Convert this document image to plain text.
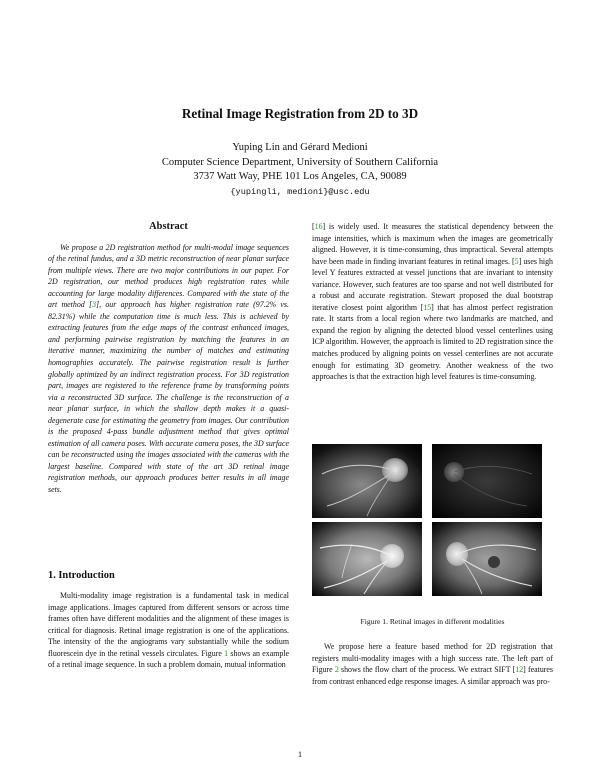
Retinal Image Registration from 2D to 3D
Yuping Lin and Gérard Medioni
Computer Science Department, University of Southern California
3737 Watt Way, PHE 101 Los Angeles, CA, 90089
{yupingli, medioni}@usc.edu
Abstract

We propose a 2D registration method for multi-modal image sequences of the retinal fundus, and a 3D metric reconstruction of near planar surface from multiple views. There are two major contributions in our paper. For 2D registration, our method produces high registration rates while accounting for large modality differences. Compared with the state of the art method [3], our approach has higher registration rate (97.2% vs. 82.31%) while the computation time is much less. This is achieved by extracting features from the edge maps of the contrast enhanced images, and performing pairwise registration by matching the features in an iterative manner, maximizing the number of matches and estimating homographies accurately. The pairwise registration result is further globally optimized by an indirect registration process. For 3D registration part, images are registered to the reference frame by transforming points via a reconstructed 3D surface. The challenge is the reconstruction of a near planar surface, in which the shallow depth makes it a quasi-degenerate case for estimating the geometry from images. Our contribution is the proposed 4-pass bundle adjustment method that gives optimal estimation of all camera poses. With accurate camera poses, the 3D surface can be reconstructed using the images associated with the cameras with the largest baseline. Compared with state of the art 3D retinal image registration methods, our approach produces better results in all image sets.

1. Introduction

Multi-modality image registration is a fundamental task in medical image applications. Images captured from different sensors or across time frames often have different modalities and the alignment of these images is critical for diagnosis. Retinal image registration is one of the applications. The intensity of the the angiograms vary substantially while the sodium fluorescein dye in the retinal vessels circulates. Figure 1 shows an example of a retinal image sequence. In such a problem domain, mutual information

[16] is widely used. It measures the statistical dependency between the image intensities, which is maximum when the images are geometrically aligned. However, it is time-consuming, thus impractical. Several attempts have been made in finding invariant features in retinal images. [5] uses high level Y features extracted at vessel junctions that are invariant to intensity variance. However, such features are too sparse and not well distributed for a robust and accurate registration. Stewart proposed the dual bootstrap iterative closest point algorithm [15] that has almost perfect registration rate. It starts from a local region where two landmarks are matched, and expand the region by aligning the detected blood vessel centerlines using ICP algorithm. However, the approach is limited to 2D registration since the matches produced by aligning points on vessel centerlines are not accurate enough for estimating 3D geometry. Another weakness of the two approaches is that the extraction high level features is time-consuming.

Figure 1. Retinal images in different modalities

We propose here a feature based method for 2D registration that registers multi-modality images with a high success rate. The left part of Figure 2 shows the flow chart of the process. We extract SIFT [12] features from contrast enhanced edge response images. A similar approach was pro-

1
